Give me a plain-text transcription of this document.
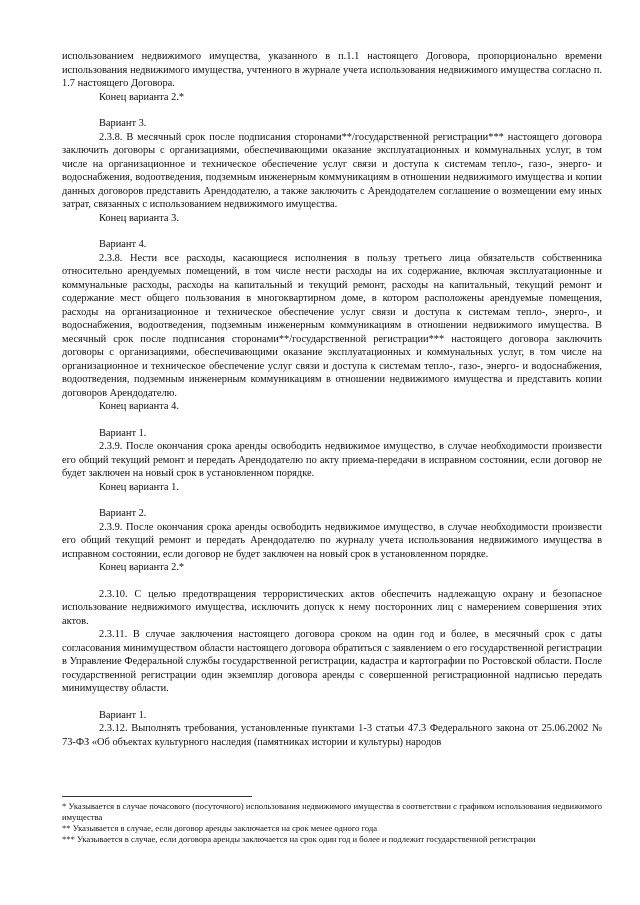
использованием недвижимого имущества, указанного в п.1.1 настоящего Договора, пропорционально времени использования недвижимого имущества, учтенного в журнале учета использования недвижимого имущества согласно п. 1.7 настоящего Договора.

Конец варианта 2.*

Вариант 3.

2.3.8. В месячный срок после подписания сторонами**/государственной регистрации*** настоящего договора заключить договоры с организациями, обеспечивающими оказание эксплуатационных и коммунальных услуг, в том числе на организационное и техническое обеспечение услуг связи и доступа к системам тепло-, газо-, энерго- и водоснабжения, водоотведения, подземным инженерным коммуникациям в отношении недвижимого имущества и копии данных договоров представить Арендодателю, а также заключить с Арендодателем соглашение о возмещении ему иных затрат, связанных с использованием недвижимого имущества.

Конец варианта 3.

Вариант 4.

2.3.8. Нести все расходы, касающиеся исполнения в пользу третьего лица обязательств собственника относительно арендуемых помещений, в том числе нести расходы на их содержание, включая эксплуатационные и коммунальные расходы, расходы на капитальный и текущий ремонт, расходы на капитальный, текущий ремонт и содержание мест общего пользования в многоквартирном доме, в котором расположены арендуемые помещения, расходы на организационное и техническое обеспечение услуг связи и доступа к системам тепло-, энерго-, и водоснабжения, водоотведения, подземным инженерным коммуникациям в отношении недвижимого имущества. В месячный срок после подписания сторонами**/государственной регистрации*** настоящего договора заключить договоры с организациями, обеспечивающими оказание эксплуатационных и коммунальных услуг, в том числе на организационное и техническое обеспечение услуг связи и доступа к системам тепло-, газо-, энерго- и водоснабжения, водоотведения, подземным инженерным коммуникациям в отношении недвижимого имущества и представить копии договоров Арендодателю.

Конец варианта 4.

Вариант 1.

2.3.9. После окончания срока аренды освободить недвижимое имущество, в случае необходимости произвести его общий текущий ремонт и передать Арендодателю по акту приема-передачи в исправном состоянии, если договор не будет заключен на новый срок в установленном порядке.

Конец варианта 1.

Вариант 2.

2.3.9. После окончания срока аренды освободить недвижимое имущество, в случае необходимости произвести его общий текущий ремонт и передать Арендодателю по журналу учета использования недвижимого имущества в исправном состоянии, если договор не будет заключен на новый срок в установленном порядке.

Конец варианта 2.*

2.3.10. С целью предотвращения террористических актов обеспечить надлежащую охрану и безопасное использование недвижимого имущества, исключить допуск к нему посторонних лиц с намерением совершения этих актов.

2.3.11. В случае заключения настоящего договора сроком на один год и более, в месячный срок с даты согласования минимуществом области настоящего договора обратиться с заявлением о его государственной регистрации в Управление Федеральной службы государственной регистрации, кадастра и картографии по Ростовской области. После государственной регистрации один экземпляр договора аренды с совершенной регистрационной надписью передать минимуществу области.

Вариант 1.

2.3.12. Выполнять требования, установленные пунктами 1-3 статьи 47.3 Федерального закона от 25.06.2002 № 73-ФЗ «Об объектах культурного наследия (памятниках истории и культуры) народов

* Указывается в случае почасового (посуточного) использования недвижимого имущества в соответствии с графиком использования недвижимого имущества

** Указывается в случае, если договор аренды заключается на срок менее одного года

*** Указывается в случае, если договора аренды заключается на срок один год и более и подлежит государственной регистрации
